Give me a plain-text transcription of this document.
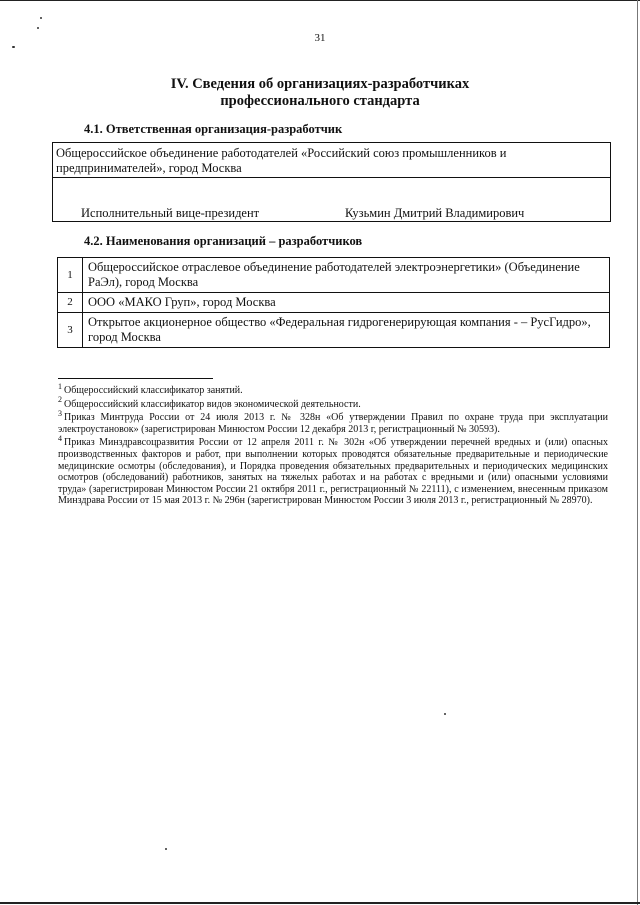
31
IV. Сведения об организациях-разработчиках
профессионального стандарта
4.1. Ответственная организация-разработчик
Общероссийское объединение работодателей «Российский союз промышленников и предпринимателей», город Москва
Исполнительный вице-президент	Кузьмин Дмитрий Владимирович
4.2. Наименования организаций – разработчиков
1	Общероссийское отраслевое объединение работодателей электроэнергетики» (Объединение РаЭл), город Москва
2	ООО «МАКО Груп», город Москва
3	Открытое акционерное общество «Федеральная гидрогенерирующая компания - – РусГидро», город Москва

$^1$ Общероссийский классификатор занятий.

$^2$ Общероссийский классификатор видов экономической деятельности.

$^3$ Приказ Минтруда России от 24 июля 2013 г. № 328н «Об утверждении Правил по охране труда при эксплуатации электроустановок» (зарегистрирован Минюстом России 12 декабря 2013 г, регистрационный № 30593).

$^4$ Приказ Минздравсоцразвития России от 12 апреля 2011 г. № 302н «Об утверждении перечней вредных и (или) опасных производственных факторов и работ, при выполнении которых проводятся обязательные предварительные и периодические медицинские осмотры (обследования), и Порядка проведения обязательных предварительных и периодических медицинских осмотров (обследований) работников, занятых на тяжелых работах и на работах с вредными и (или) опасными условиями труда» (зарегистрирован Минюстом России 21 октября 2011 г., регистрационный № 22111), с изменением, внесенным приказом Минздрава России от 15 мая 2013 г. № 296н (зарегистрирован Минюстом России 3 июля 2013 г., регистрационный № 28970).
